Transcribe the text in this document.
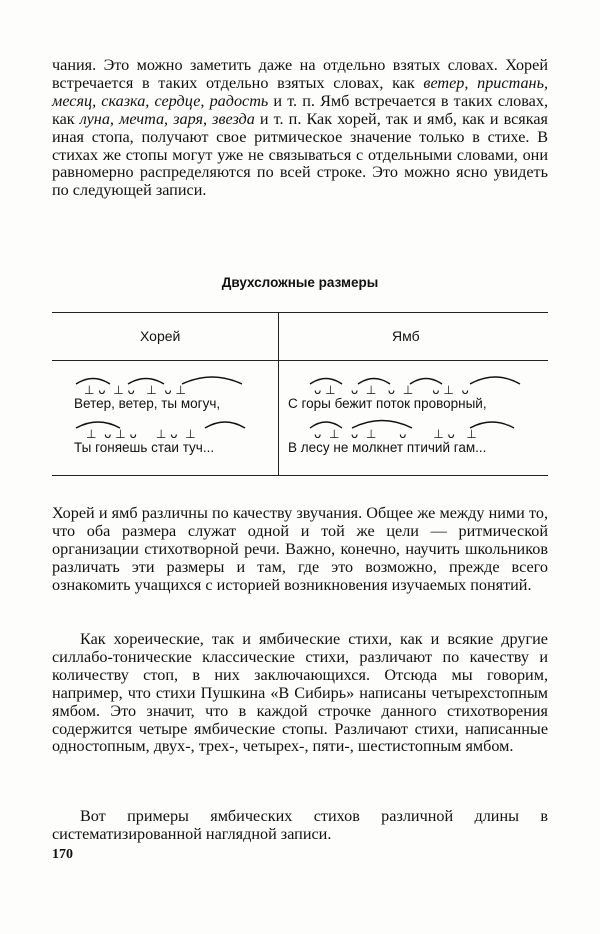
чания. Это можно заметить даже на отдельно взятых словах. Хорей встречается в таких отдельно взятых словах, как ветер, пристань, месяц, сказка, сердце, радость и т. п. Ямб встречается в таких словах, как луна, мечта, заря, звезда и т. п. Как хорей, так и ямб, как и всякая иная стопа, получают свое ритмическое значение только в стихе. В стихах же стопы могут уже не связываться с отдельными словами, они равномерно распределяются по всей строке. Это можно ясно увидеть по следующей записи.

Двухсложные размеры
Хорей	Ямб
⊥ ᴗ  ⊥ ᴗ   ⊥  ᴗ ⊥
Ветер, ветер, ты могуч,
⊥  ᴗ ⊥ ᴗ     ⊥ ᴗ  ⊥
Ты гоняешь стаи туч...
ᴗ ⊥    ᴗ  ⊥   ᴗ  ⊥     ᴗ ⊥  ᴗ
С горы бежит поток проворный,
ᴗ  ⊥   ᴗ  ⊥      ᴗ       ⊥ ᴗ   ⊥
В лесу не молкнет птичий гам...

Хорей и ямб различны по качеству звучания. Общее же между ними то, что оба размера служат одной и той же цели — ритмической организации стихотворной речи. Важно, конечно, научить школьников различать эти размеры и там, где это возможно, прежде всего ознакомить учащихся с историей возникновения изучаемых понятий.

Как хореические, так и ямбические стихи, как и всякие другие силлабо-тонические классические стихи, различают по качеству и количеству стоп, в них заключающихся. Отсюда мы говорим, например, что стихи Пушкина «В Сибирь» написаны четырехстопным ямбом. Это значит, что в каждой строчке данного стихотворения содержится четыре ямбические стопы. Различают стихи, написанные одностопным, двух-, трех-, четырех-, пяти-, шестистопным ямбом.

Вот примеры ямбических стихов различной длины в систематизированной наглядной записи.

170
